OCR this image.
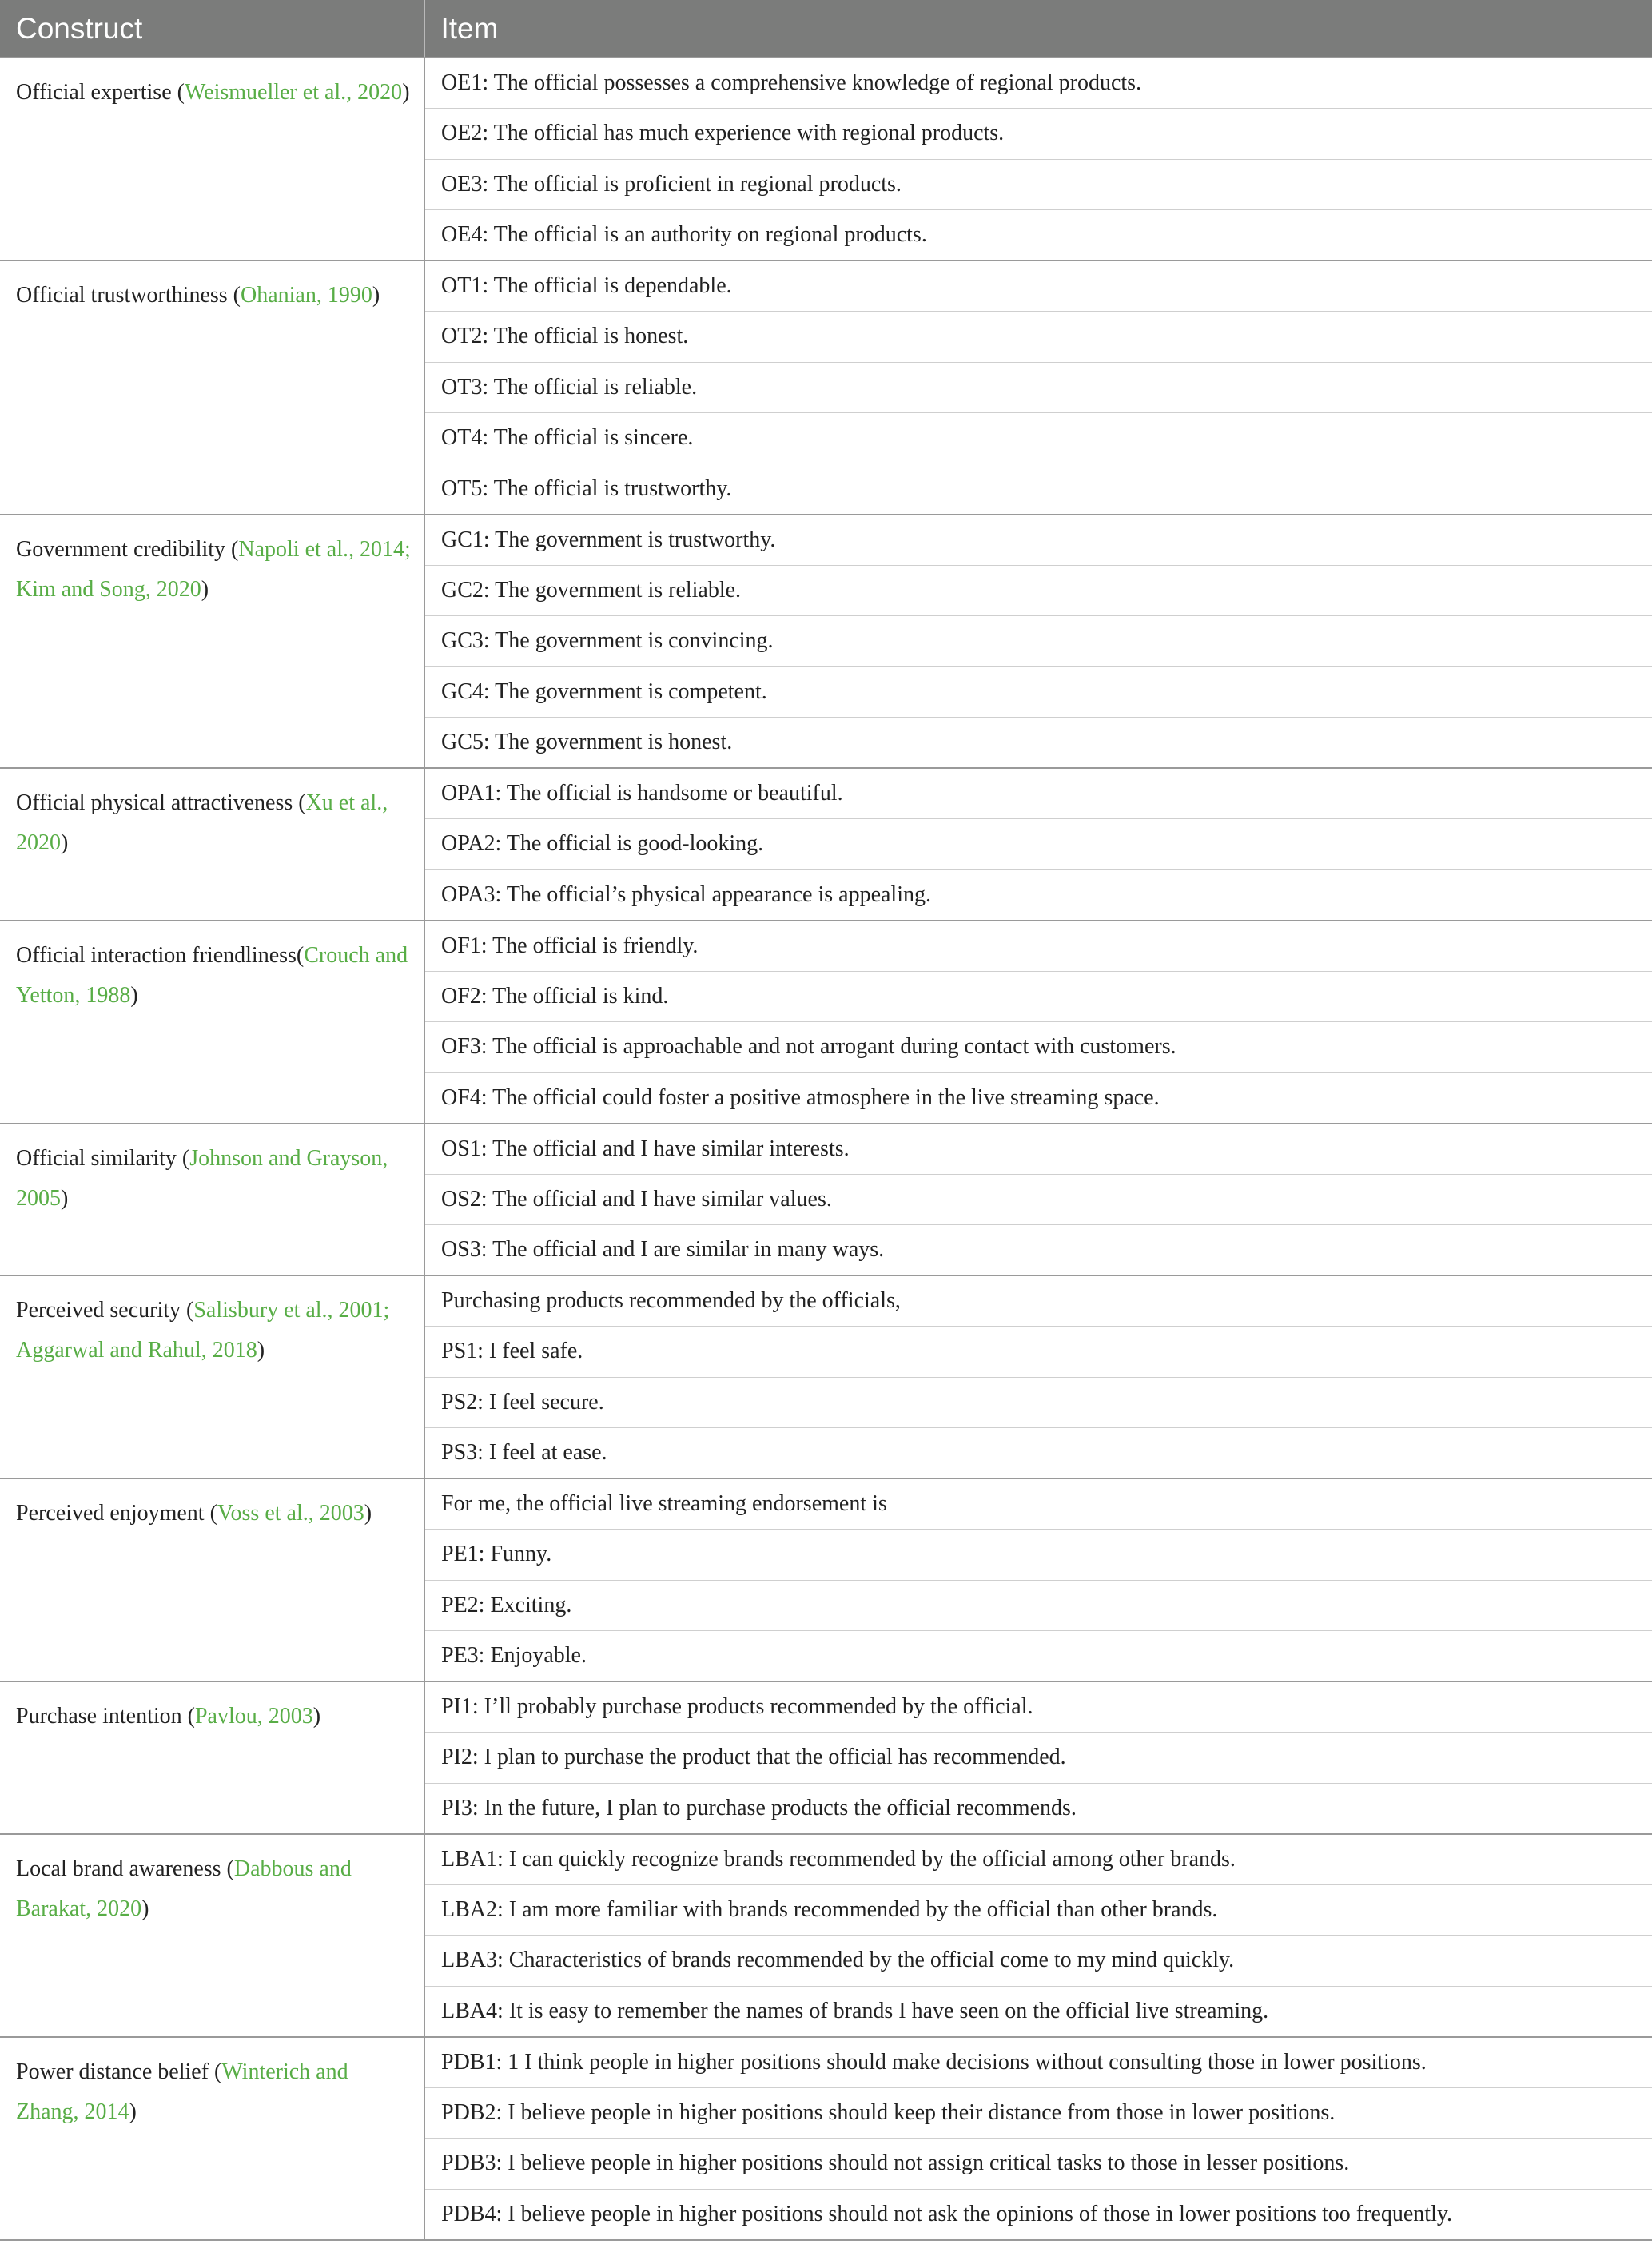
Construct	Item
Official expertise (Weismueller et al., 2020)	OE1: The official possesses a comprehensive knowledge of regional products.
	OE2: The official has much experience with regional products.
	OE3: The official is proficient in regional products.
	OE4: The official is an authority on regional products.
Official trustworthiness (Ohanian, 1990)	OT1: The official is dependable.
	OT2: The official is honest.
	OT3: The official is reliable.
	OT4: The official is sincere.
	OT5: The official is trustworthy.
Government credibility (Napoli et al., 2014; Kim and Song, 2020)	GC1: The government is trustworthy.
	GC2: The government is reliable.
	GC3: The government is convincing.
	GC4: The government is competent.
	GC5: The government is honest.
Official physical attractiveness (Xu et al., 2020)	OPA1: The official is handsome or beautiful.
	OPA2: The official is good-looking.
	OPA3: The official’s physical appearance is appealing.
Official interaction friendliness(Crouch and Yetton, 1988)	OF1: The official is friendly.
	OF2: The official is kind.
	OF3: The official is approachable and not arrogant during contact with customers.
	OF4: The official could foster a positive atmosphere in the live streaming space.
Official similarity (Johnson and Grayson, 2005)	OS1: The official and I have similar interests.
	OS2: The official and I have similar values.
	OS3: The official and I are similar in many ways.
Perceived security (Salisbury et al., 2001; Aggarwal and Rahul, 2018)	Purchasing products recommended by the officials,
	PS1: I feel safe.
	PS2: I feel secure.
	PS3: I feel at ease.
Perceived enjoyment (Voss et al., 2003)	For me, the official live streaming endorsement is
	PE1: Funny.
	PE2: Exciting.
	PE3: Enjoyable.
Purchase intention (Pavlou, 2003)	PI1: I’ll probably purchase products recommended by the official.
	PI2: I plan to purchase the product that the official has recommended.
	PI3: In the future, I plan to purchase products the official recommends.
Local brand awareness (Dabbous and Barakat, 2020)	LBA1: I can quickly recognize brands recommended by the official among other brands.
	LBA2: I am more familiar with brands recommended by the official than other brands.
	LBA3: Characteristics of brands recommended by the official come to my mind quickly.
	LBA4: It is easy to remember the names of brands I have seen on the official live streaming.
Power distance belief (Winterich and Zhang, 2014)	PDB1: 1 I think people in higher positions should make decisions without consulting those in lower positions.
	PDB2: I believe people in higher positions should keep their distance from those in lower positions.
	PDB3: I believe people in higher positions should not assign critical tasks to those in lesser positions.
	PDB4: I believe people in higher positions should not ask the opinions of those in lower positions too frequently.
